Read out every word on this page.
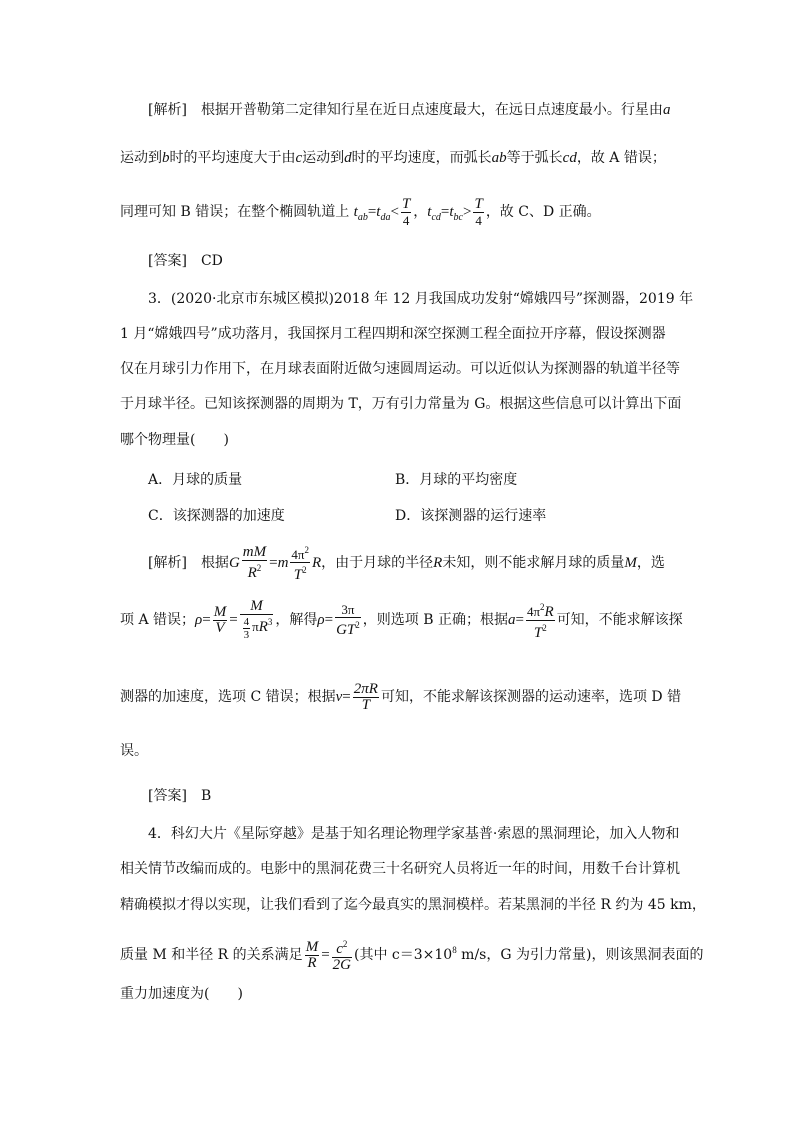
[解析]　 根据开普勒第二定律知行星在近日点速度最大，在远日点速度最小。行星由a
运动到b时的平均速度大于由c运动到d时的平均速度，而弧长ab等于弧长cd，故 A 错误；
同理可知 B 错误；在整个椭圆轨道上 $t_{ab}=t_{da}< \frac{T}{4}$ ，$t_{cd}=t_{bc}> \frac{T}{4}$ ，故 C、D 正确。
[答案]　 CD
3．(2020·北京市东城区模拟)2018 年 12 月我国成功发射“嫦娥四号”探测器，2019 年
1 月“嫦娥四号”成功落月，我国探月工程四期和深空探测工程全面拉开序幕，假设探测器
仅在月球引力作用下，在月球表面附近做匀速圆周运动。可以近似认为探测器的轨道半径等
于月球半径。已知该探测器的周期为 T，万有引力常量为 G。根据这些信息可以计算出下面
哪个物理量(　　)
A．月球的质量	B．月球的平均密度
C．该探测器的加速度	D．该探测器的运行速率
[解析]　 根据G $\frac{mM}{R^2} =m \frac{4\pi^2}{T^2}$ R，由于月球的半径R未知，则不能求解月球的质量M，选
项 A 错误；$\rho= \frac{M}{V} = \frac{M}{\frac{4}{3} \pi R^3}$ ，解得$\rho= \frac{3\pi}{GT^2}$ ，则选项 B 正确；根据$a= \frac{4\pi^2R}{T^2}$ 可知，不能求解该探
测器的加速度，选项 C 错误；根据$v= \frac{2\pi R}{T}$ 可知，不能求解该探测器的运动速率，选项 D 错
误。
[答案]　 B
4．科幻大片《星际穿越》是基于知名理论物理学家基普·索恩的黑洞理论，加入人物和
相关情节改编而成的。电影中的黑洞花费三十名研究人员将近一年的时间，用数千台计算机
精确模拟才得以实现，让我们看到了迄今最真实的黑洞模样。若某黑洞的半径 R 约为 45 km，
质量 M 和半径 R 的关系满足 $\frac{M}{R} = \frac{c^2}{2G}$ (其中 $c=3\times 10^8$ m/s，G 为引力常量)，则该黑洞表面的
重力加速度为(　　)
